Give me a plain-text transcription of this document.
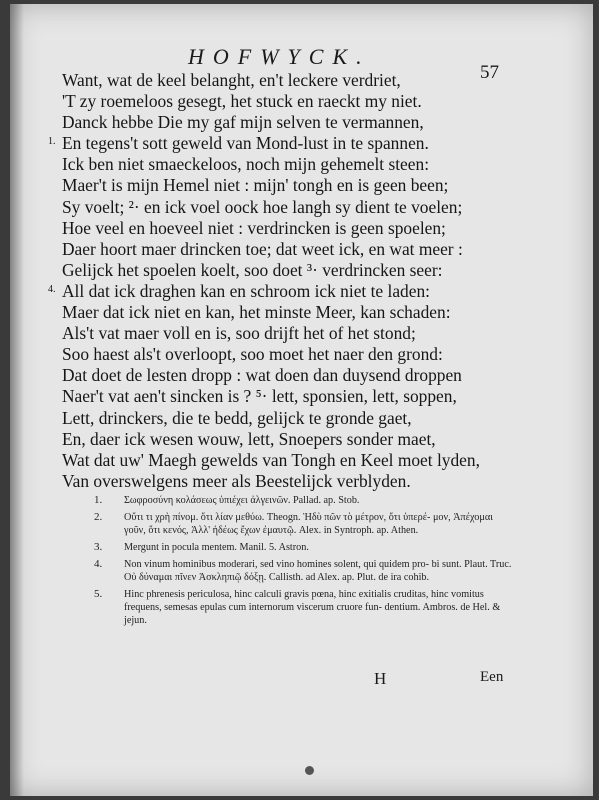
HOFWYCK.
57
Want, wat de keel belanght, en't leckere verdriet,
'T zy roemeloos gesegt, het stuck en raeckt my niet.
Danck hebbe Die my gaf mijn selven te vermannen,
1. En tegens't sott geweld van Mond-lust in te spannen.
Ick ben niet smaeckeloos, noch mijn gehemelt steen:
Maer't is mijn Hemel niet : mijn' tongh en is geen been;
Sy voelt; ²· en ick voel oock hoe langh sy dient te voelen;
Hoe veel en hoeveel niet : verdrincken is geen spoelen;
Daer hoort maer drincken toe; dat weet ick, en wat meer :
Gelijck het spoelen koelt, soo doet ³· verdrincken seer:
4. All dat ick draghen kan en schroom ick niet te laden:
Maer dat ick niet en kan, het minste Meer, kan schaden:
Als't vat maer voll en is, soo drijft het of het stond;
Soo haest als't overloopt, soo moet het naer den grond:
Dat doet de lesten dropp : wat doen dan duysend droppen
Naer't vat aen't sincken is ? ⁵· lett, sponsien, lett, soppen,
Lett, drinckers, die te bedd, gelijck te gronde gaet,
En, daer ick wesen wouw, lett, Snoepers sonder maet,
Wat dat uw' Maegh gewelds van Tongh en Keel moet lyden,
Van overswelgens meer als Beestelijck verblyden.
1. Σωφροσύνη κολάσεως ὑπιέχει ἀλγεινῶν. Pallad. ap. Stob.
2. Οὔτι τι χρὴ πίνομ. ὅτι λίαν μεθύω. Theogn. Ἡδὺ πῶν τὸ μέτρον, ὅτι ὑπερέ- μον, Ἀπέχομαι γοῦν, ὅτι κενός, Ἀλλ' ἡδέως ἔχων ἐμαυτῷ. Alex. in Syntroph. ap. Athen.
3. Mergunt in pocula mentem. Manil. 5. Astron.
4. Non vinum hominibus moderari, sed vino homines solent, qui quidem pro- bi sunt. Plaut. Truc. Οὐ δύναμαι πῖνεν Ἀσκληπιῷ δόξῃ. Callisth. ad Alex. ap. Plut. de ira cohib.
5. Hinc phrenesis periculosa, hinc calculi gravis pœna, hinc exitialis cruditas, hinc vomitus frequens, semesas epulas cum internorum viscerum cruore fun- dentium. Ambros. de Hel. & jejun.
H	Een
